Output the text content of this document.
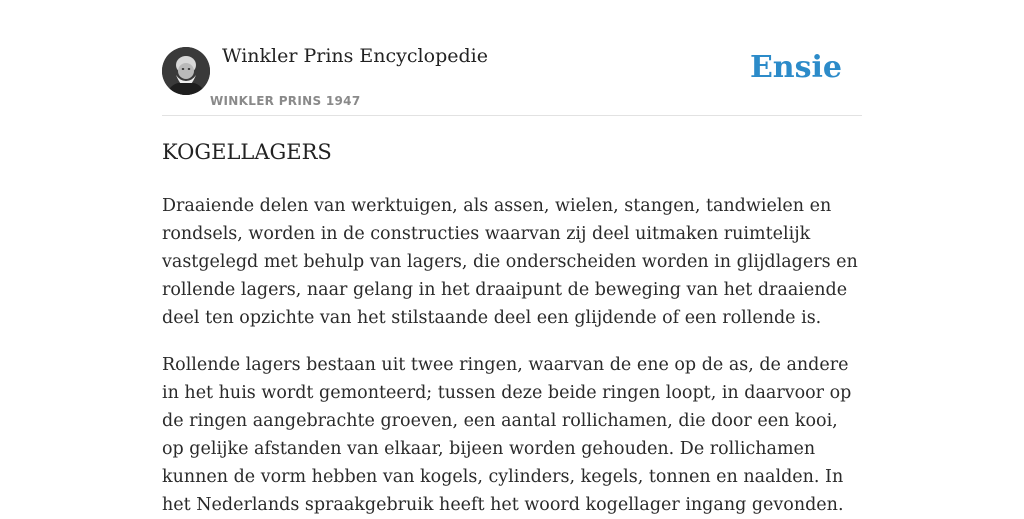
Winkler Prins Encyclopedie
WINKLER PRINS 1947
Ensie
KOGELLAGERS

Draaiende delen van werktuigen, als assen, wielen, stangen, tandwielen en rondsels, worden in de constructies waarvan zij deel uitmaken ruimtelijk vastgelegd met behulp van lagers, die onderscheiden worden in glijdlagers en rollende lagers, naar gelang in het draaipunt de beweging van het draaiende deel ten opzichte van het stilstaande deel een glijdende of een rollende is.

Rollende lagers bestaan uit twee ringen, waarvan de ene op de as, de andere in het huis wordt gemonteerd; tussen deze beide ringen loopt, in daarvoor op de ringen aangebrachte groeven, een aantal rollichamen, die door een kooi, op gelijke afstanden van elkaar, bijeen worden gehouden. De rollichamen kunnen de vorm hebben van kogels, cylinders, kegels, tonnen en naalden. In het Nederlands spraakgebruik heeft het woord kogellager ingang gevonden.
